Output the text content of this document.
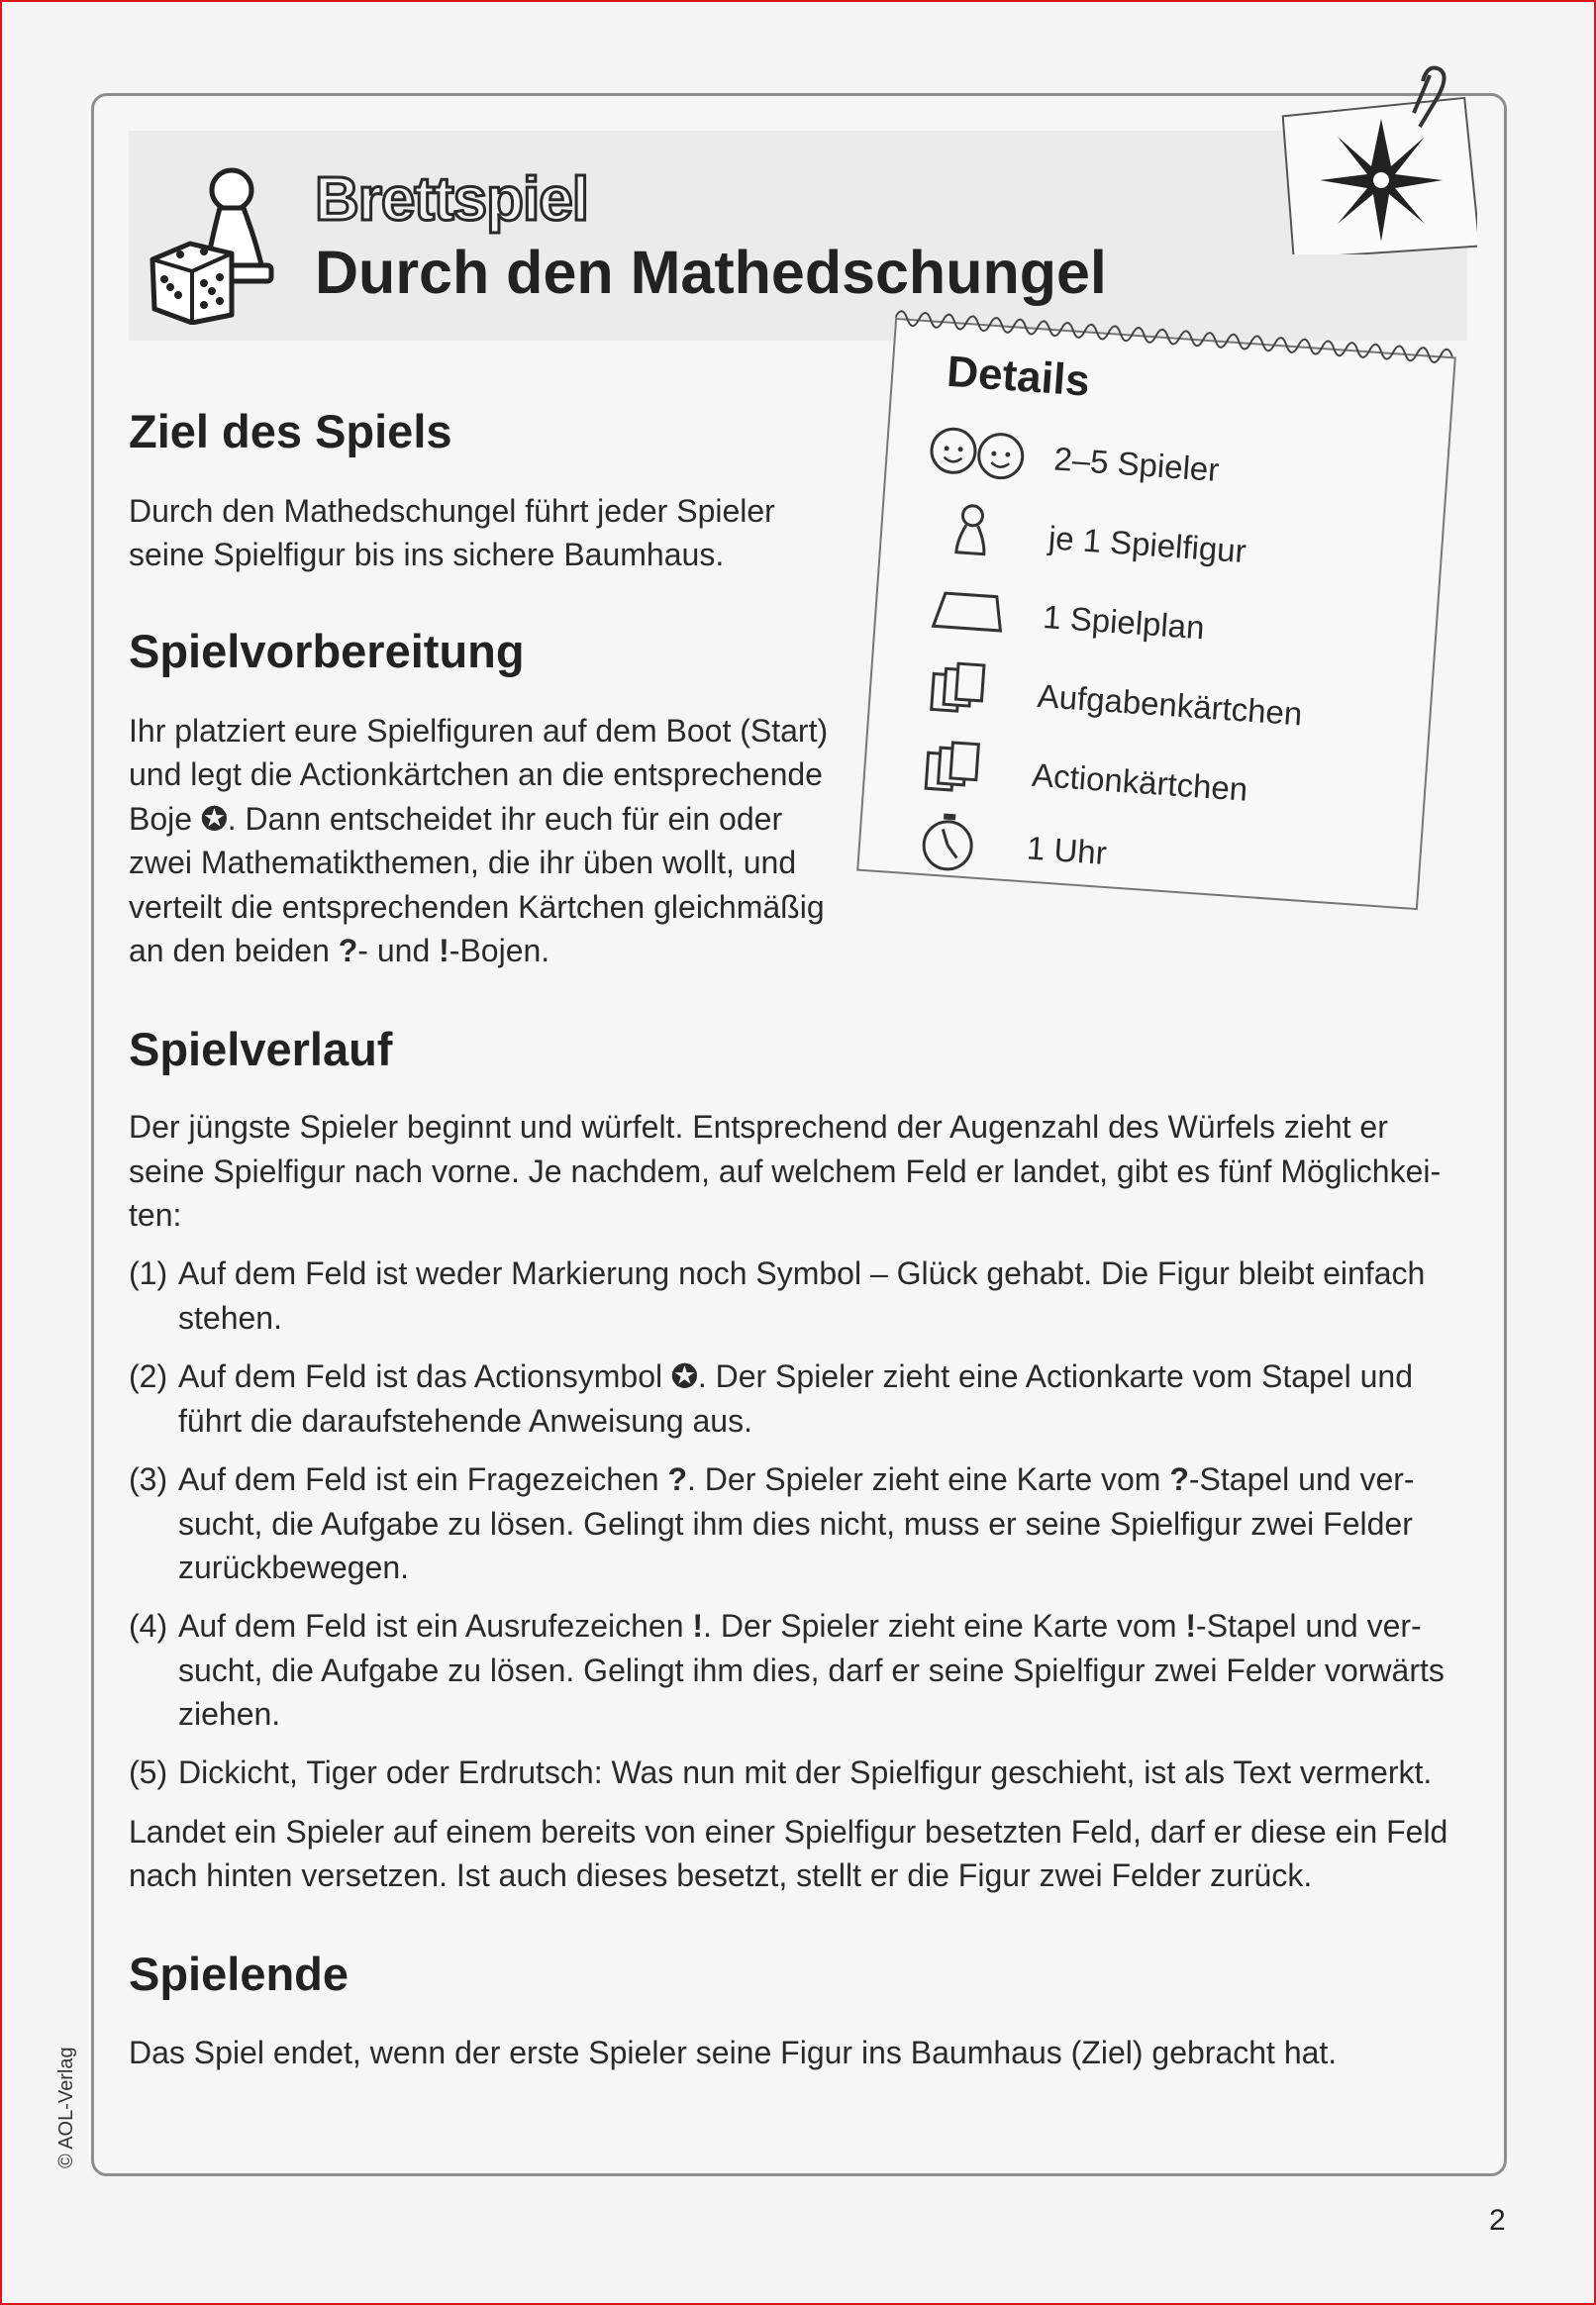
Brettspiel
Durch den Mathedschungel
Details
2–5 Spieler
je 1 Spielfigur
1 Spielplan
Aufgabenkärtchen
Actionkärtchen
1 Uhr
Ziel des Spiels

Durch den Mathedschungel führt jeder Spieler

seine Spielfigur bis ins sichere Baumhaus.

Spielvorbereitung

Ihr platziert eure Spielfiguren auf dem Boot (Start)

und legt die Actionkärtchen an die entsprechende

Boje ✪. Dann entscheidet ihr euch für ein oder

zwei Mathematikthemen, die ihr üben wollt, und

verteilt die entsprechenden Kärtchen gleichmäßig

an den beiden ?- und !-Bojen.

Spielverlauf

Der jüngste Spieler beginnt und würfelt. Entsprechend der Augenzahl des Würfels zieht er

seine Spielfigur nach vorne. Je nachdem, auf welchem Feld er landet, gibt es fünf Möglichkei-

ten:

(1) Auf dem Feld ist weder Markierung noch Symbol – Glück gehabt. Die Figur bleibt einfach
stehen.
(2) Auf dem Feld ist das Actionsymbol ✪. Der Spieler zieht eine Actionkarte vom Stapel und
führt die daraufstehende Anweisung aus.
(3) Auf dem Feld ist ein Fragezeichen ?. Der Spieler zieht eine Karte vom ?-Stapel und ver-
sucht, die Aufgabe zu lösen. Gelingt ihm dies nicht, muss er seine Spielfigur zwei Felder
zurückbewegen.
(4) Auf dem Feld ist ein Ausrufezeichen !. Der Spieler zieht eine Karte vom !-Stapel und ver-
sucht, die Aufgabe zu lösen. Gelingt ihm dies, darf er seine Spielfigur zwei Felder vorwärts
ziehen.
(5) Dickicht, Tiger oder Erdrutsch: Was nun mit der Spielfigur geschieht, ist als Text vermerkt.

Landet ein Spieler auf einem bereits von einer Spielfigur besetzten Feld, darf er diese ein Feld

nach hinten versetzen. Ist auch dieses besetzt, stellt er die Figur zwei Felder zurück.

Spielende

Das Spiel endet, wenn der erste Spieler seine Figur ins Baumhaus (Ziel) gebracht hat.

© AOL-Verlag
2
